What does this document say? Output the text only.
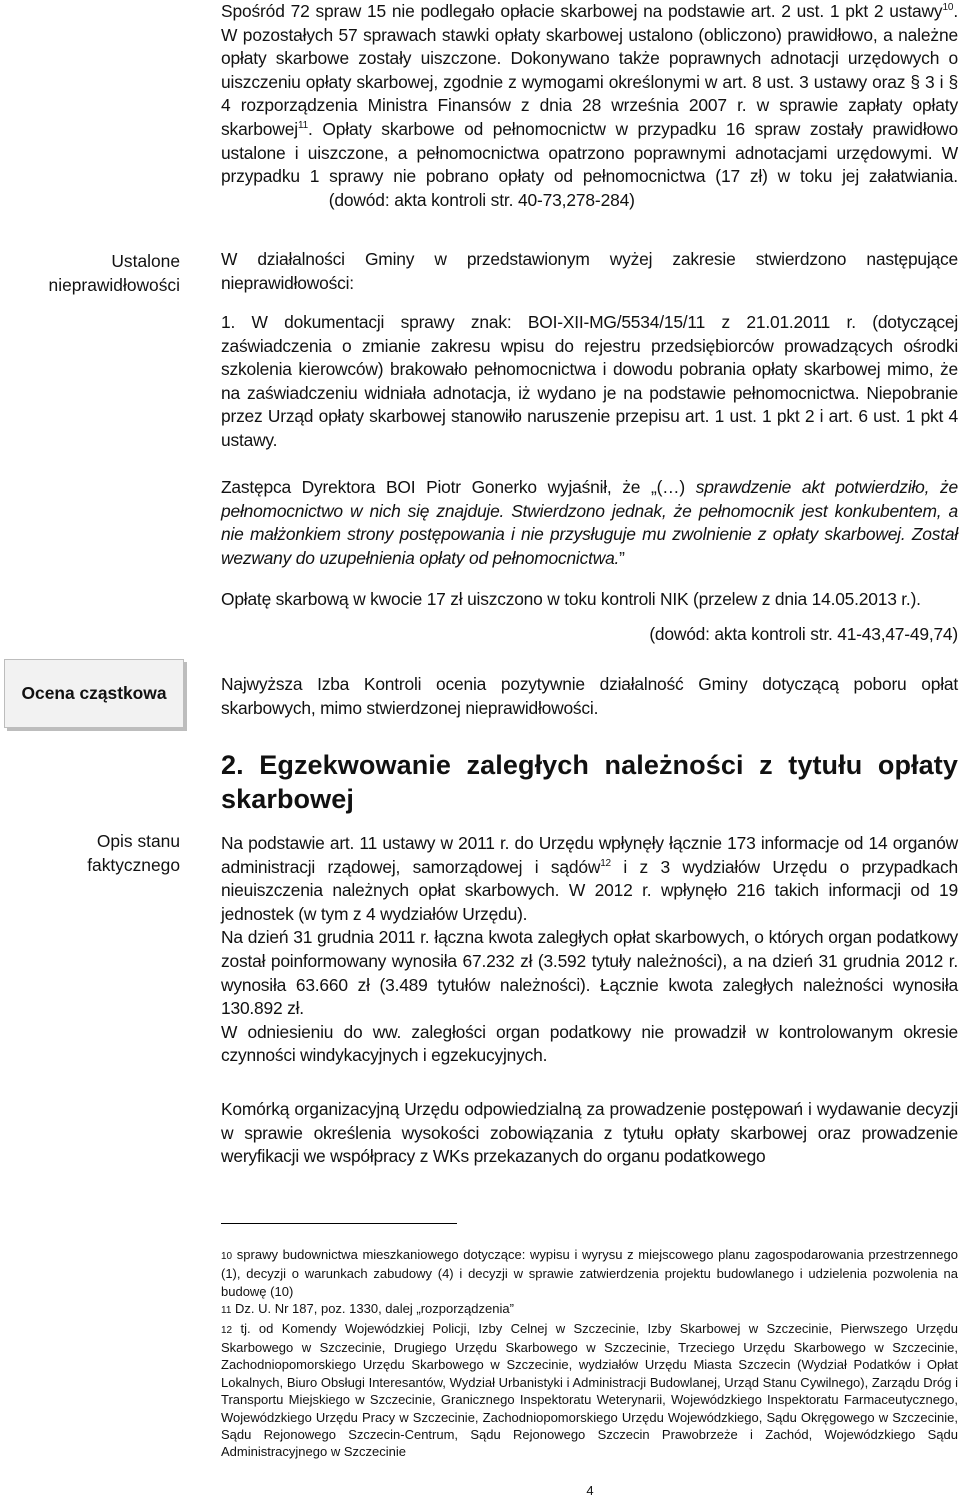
Spośród 72 spraw 15 nie podlegało opłacie skarbowej na podstawie art. 2 ust. 1 pkt 2 ustawy$^{10}$. W pozostałych 57 sprawach stawki opłaty skarbowej ustalono (obliczono) prawidłowo, a należne opłaty skarbowe zostały uiszczone. Dokonywano także poprawnych adnotacji urzędowych o uiszczeniu opłaty skarbowej, zgodnie z wymogami określonymi w art. 8 ust. 3 ustawy oraz § 3 i § 4 rozporządzenia Ministra Finansów z dnia 28 września 2007 r. w sprawie zapłaty opłaty skarbowej$^{11}$. Opłaty skarbowe od pełnomocnictw w przypadku 16 spraw zostały prawidłowo ustalone i uiszczone, a pełnomocnictwa opatrzono poprawnymi adnotacjami urzędowymi. W przypadku 1 sprawy nie pobrano opłaty od pełnomocnictwa (17 zł) w toku jej załatwiania.                       (dowód: akta kontroli str. 40-73,278-284)
Ustalone nieprawidłowości
W działalności Gminy w przedstawionym wyżej zakresie stwierdzono następujące nieprawidłowości:
1. W dokumentacji sprawy znak: BOI-XII-MG/5534/15/11 z 21.01.2011 r. (dotyczącej zaświadczenia o zmianie zakresu wpisu do rejestru przedsiębiorców prowadzących ośrodki szkolenia kierowców) brakowało pełnomocnictwa i dowodu pobrania opłaty skarbowej mimo, że na zaświadczeniu widniała adnotacja, iż wydano je na podstawie pełnomocnictwa. Niepobranie przez Urząd opłaty skarbowej stanowiło naruszenie przepisu art. 1 ust. 1 pkt 2 i art. 6 ust. 1 pkt 4 ustawy.
Zastępca Dyrektora BOI Piotr Gonerko wyjaśnił, że „(…) sprawdzenie akt potwierdziło, że pełnomocnictwo w nich się znajduje. Stwierdzono jednak, że pełnomocnik jest konkubentem, a nie małżonkiem strony postępowania i nie przysługuje mu zwolnienie z opłaty skarbowej. Został wezwany do uzupełnienia opłaty od pełnomocnictwa.”
Opłatę skarbową w kwocie 17 zł uiszczono w toku kontroli NIK (przelew z dnia 14.05.2013 r.).
(dowód: akta kontroli str. 41-43,47-49,74)
Ocena cząstkowa	Najwyższa Izba Kontroli ocenia pozytywnie działalność Gminy dotyczącą poboru opłat skarbowych, mimo stwierdzonej nieprawidłowości.
2. Egzekwowanie zaległych należności z tytułu opłaty skarbowej
Opis stanu faktycznego
Na podstawie art. 11 ustawy w 2011 r. do Urzędu wpłynęły łącznie 173 informacje od 14 organów administracji rządowej, samorządowej i sądów$^{12}$ i z 3 wydziałów Urzędu o przypadkach nieuiszczenia należnych opłat skarbowych. W 2012 r. wpłynęło 216 takich informacji od 19 jednostek (w tym z 4 wydziałów Urzędu).
Na dzień 31 grudnia 2011 r. łączna kwota zaległych opłat skarbowych, o których organ podatkowy został poinformowany wynosiła 67.232 zł (3.592 tytuły należności), a na dzień 31 grudnia 2012 r. wynosiła 63.660 zł (3.489 tytułów należności). Łącznie kwota zaległych należności wynosiła 130.892 zł.
W odniesieniu do ww. zaległości organ podatkowy nie prowadził w kontrolowanym okresie czynności windykacyjnych i egzekucyjnych.
Komórką organizacyjną Urzędu odpowiedzialną za prowadzenie postępowań i wydawanie decyzji w sprawie określenia wysokości zobowiązania z tytułu opłaty skarbowej oraz prowadzenie weryfikacji we współpracy z WKs przekazanych do organu podatkowego

10 sprawy budownictwa mieszkaniowego dotyczące: wypisu i wyrysu z miejscowego planu zagospodarowania przestrzennego (1), decyzji o warunkach zabudowy (4) i decyzji w sprawie zatwierdzenia projektu budowlanego i udzielenia pozwolenia na budowę (10)

11 Dz. U. Nr 187, poz. 1330, dalej „rozporządzenia”

12 tj. od Komendy Wojewódzkiej Policji, Izby Celnej w Szczecinie, Izby Skarbowej w Szczecinie, Pierwszego Urzędu Skarbowego w Szczecinie, Drugiego Urzędu Skarbowego w Szczecinie, Trzeciego Urzędu Skarbowego w Szczecinie, Zachodniopomorskiego Urzędu Skarbowego w Szczecinie, wydziałów Urzędu Miasta Szczecin (Wydział Podatków i Opłat Lokalnych, Biuro Obsługi Interesantów, Wydział Urbanistyki i Administracji Budowlanej, Urząd Stanu Cywilnego), Zarządu Dróg i Transportu Miejskiego w Szczecinie, Granicznego Inspektoratu Weterynarii, Wojewódzkiego Inspektoratu Farmaceutycznego, Wojewódzkiego Urzędu Pracy w Szczecinie, Zachodniopomorskiego Urzędu Wojewódzkiego, Sądu Okręgowego w Szczecinie, Sądu Rejonowego Szczecin-Centrum, Sądu Rejonowego Szczecin Prawobrzeże i Zachód, Wojewódzkiego Sądu Administracyjnego w Szczecinie

4
